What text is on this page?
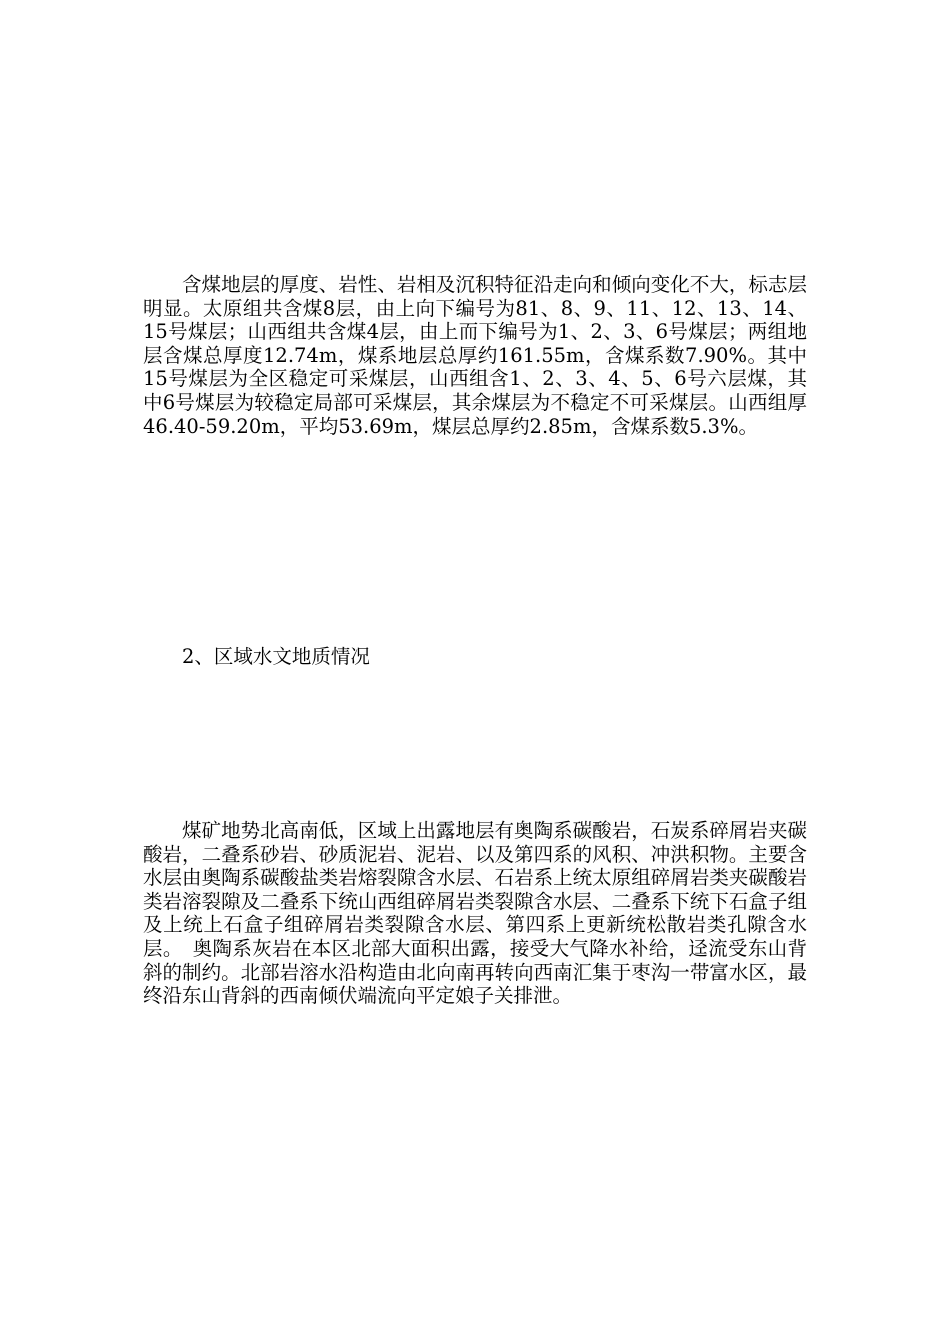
含煤地层的厚度、岩性、岩相及沉积特征沿走向和倾向变化不大，标志层明显。太原组共含煤8层，由上向下编号为81、8、9、11、12、13、14、15号煤层；山西组共含煤4层，由上而下编号为1、2、3、6号煤层；两组地层含煤总厚度12.74m，煤系地层总厚约161.55m，含煤系数7.90%。其中15号煤层为全区稳定可采煤层，山西组含1、2、3、4、5、6号六层煤，其中6号煤层为较稳定局部可采煤层，其余煤层为不稳定不可采煤层。山西组厚46.40-59.20m，平均53.69m，煤层总厚约2.85m，含煤系数5.3%。

2、区域水文地质情况

煤矿地势北高南低，区域上出露地层有奥陶系碳酸岩，石炭系碎屑岩夹碳酸岩，二叠系砂岩、砂质泥岩、泥岩、以及第四系的风积、冲洪积物。主要含水层由奥陶系碳酸盐类岩熔裂隙含水层、石岩系上统太原组碎屑岩类夹碳酸岩类岩溶裂隙及二叠系下统山西组碎屑岩类裂隙含水层、二叠系下统下石盒子组及上统上石盒子组碎屑岩类裂隙含水层、第四系上更新统松散岩类孔隙含水层。　奥陶系灰岩在本区北部大面积出露，接受大气降水补给，迳流受东山背斜的制约。北部岩溶水沿构造由北向南再转向西南汇集于枣沟一带富水区，最终沿东山背斜的西南倾伏端流向平定娘子关排泄。
